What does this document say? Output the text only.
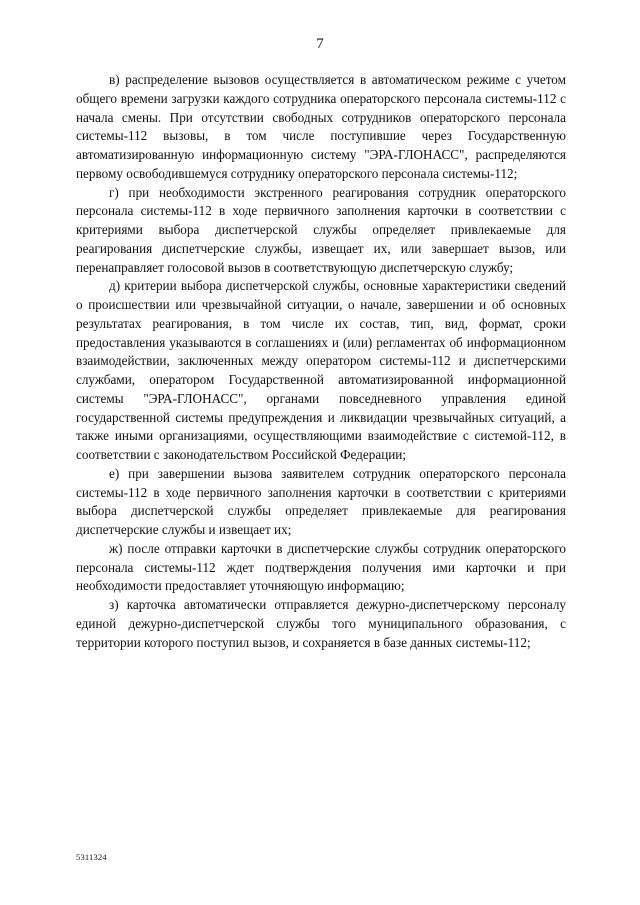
7

в) распределение вызовов осуществляется в автоматическом режиме с учетом общего времени загрузки каждого сотрудника операторского персонала системы-112 с начала смены. При отсутствии свободных сотрудников операторского персонала системы-112 вызовы, в том числе поступившие через Государственную автоматизированную информационную систему "ЭРА-ГЛОНАСС", распределяются первому освободившемуся сотруднику операторского персонала системы-112;

г) при необходимости экстренного реагирования сотрудник операторского персонала системы-112 в ходе первичного заполнения карточки в соответствии с критериями выбора диспетчерской службы определяет привлекаемые для реагирования диспетчерские службы, извещает их, или завершает вызов, или перенаправляет голосовой вызов в соответствующую диспетчерскую службу;

д) критерии выбора диспетчерской службы, основные характеристики сведений о происшествии или чрезвычайной ситуации, о начале, завершении и об основных результатах реагирования, в том числе их состав, тип, вид, формат, сроки предоставления указываются в соглашениях и (или) регламентах об информационном взаимодействии, заключенных между оператором системы-112 и диспетчерскими службами, оператором Государственной автоматизированной информационной системы "ЭРА-ГЛОНАСС", органами повседневного управления единой государственной системы предупреждения и ликвидации чрезвычайных ситуаций, а также иными организациями, осуществляющими взаимодействие с системой-112, в соответствии с законодательством Российской Федерации;

е) при завершении вызова заявителем сотрудник операторского персонала системы-112 в ходе первичного заполнения карточки в соответствии с критериями выбора диспетчерской службы определяет привлекаемые для реагирования диспетчерские службы и извещает их;

ж) после отправки карточки в диспетчерские службы сотрудник операторского персонала системы-112 ждет подтверждения получения ими карточки и при необходимости предоставляет уточняющую информацию;

з) карточка автоматически отправляется дежурно-диспетчерскому персоналу единой дежурно-диспетчерской службы того муниципального образования, с территории которого поступил вызов, и сохраняется в базе данных системы-112;

5311324
